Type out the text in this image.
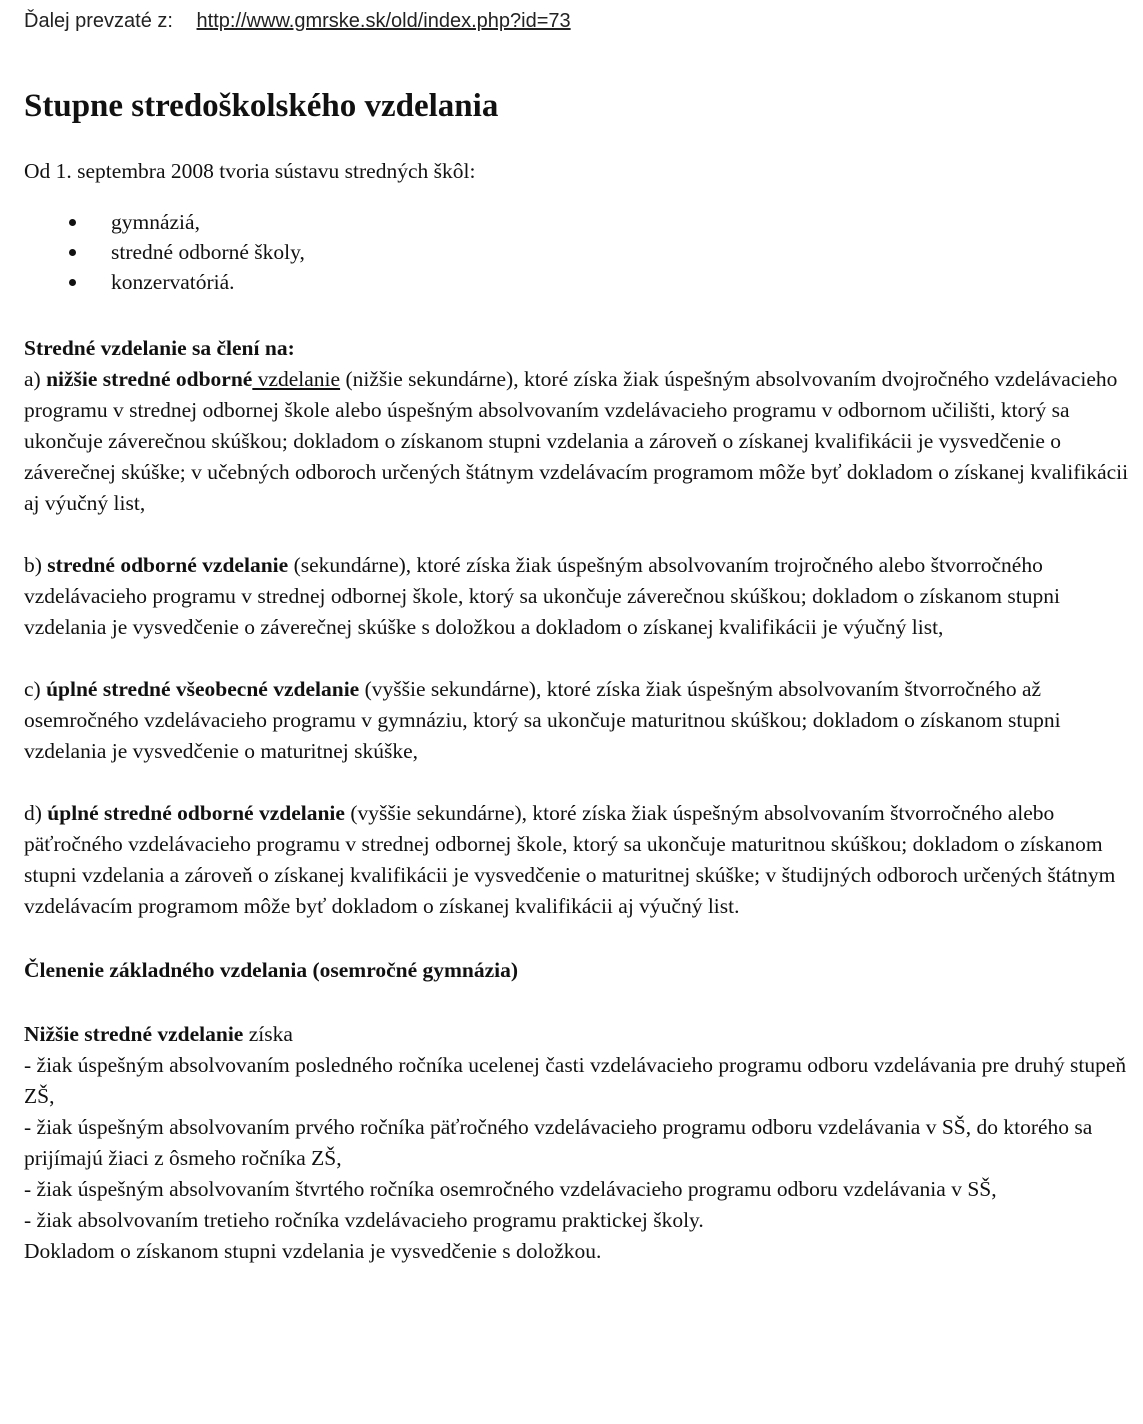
Ďalej prevzaté z: http://www.gmrske.sk/old/index.php?id=73
Stupne stredoškolského vzdelania

Od 1. septembra 2008 tvoria sústavu stredných škôl:

gymnáziá,
stredné odborné školy,
konzervatóriá.

Stredné vzdelanie sa člení na:

a) nižšie stredné odborné vzdelanie (nižšie sekundárne), ktoré získa žiak úspešným absolvovaním dvojročného vzdelávacieho programu v strednej odbornej škole alebo úspešným absolvovaním vzdelávacieho programu v odbornom učilišti, ktorý sa ukončuje záverečnou skúškou; dokladom o získanom stupni vzdelania a zároveň o získanej kvalifikácii je vysvedčenie o záverečnej skúške; v učebných odboroch určených štátnym vzdelávacím programom môže byť dokladom o získanej kvalifikácii aj výučný list,

b) stredné odborné vzdelanie (sekundárne), ktoré získa žiak úspešným absolvovaním trojročného alebo štvorročného vzdelávacieho programu v strednej odbornej škole, ktorý sa ukončuje záverečnou skúškou; dokladom o získanom stupni vzdelania je vysvedčenie o záverečnej skúške s doložkou a dokladom o získanej kvalifikácii je výučný list,

c) úplné stredné všeobecné vzdelanie (vyššie sekundárne), ktoré získa žiak úspešným absolvovaním štvorročného až osemročného vzdelávacieho programu v gymnáziu, ktorý sa ukončuje maturitnou skúškou; dokladom o získanom stupni vzdelania je vysvedčenie o maturitnej skúške,

d) úplné stredné odborné vzdelanie (vyššie sekundárne), ktoré získa žiak úspešným absolvovaním štvorročného alebo päťročného vzdelávacieho programu v strednej odbornej škole, ktorý sa ukončuje maturitnou skúškou; dokladom o získanom stupni vzdelania a zároveň o získanej kvalifikácii je vysvedčenie o maturitnej skúške; v študijných odboroch určených štátnym vzdelávacím programom môže byť dokladom o získanej kvalifikácii aj výučný list.

Členenie základného vzdelania (osemročné gymnázia)

Nižšie stredné vzdelanie získa

- žiak úspešným absolvovaním posledného ročníka ucelenej časti vzdelávacieho programu odboru vzdelávania pre druhý stupeň ZŠ,

- žiak úspešným absolvovaním prvého ročníka päťročného vzdelávacieho programu odboru vzdelávania v SŠ, do ktorého sa prijímajú žiaci z ôsmeho ročníka ZŠ,

- žiak úspešným absolvovaním štvrtého ročníka osemročného vzdelávacieho programu odboru vzdelávania v SŠ,

- žiak absolvovaním tretieho ročníka vzdelávacieho programu praktickej školy.

Dokladom o získanom stupni vzdelania je vysvedčenie s doložkou.
